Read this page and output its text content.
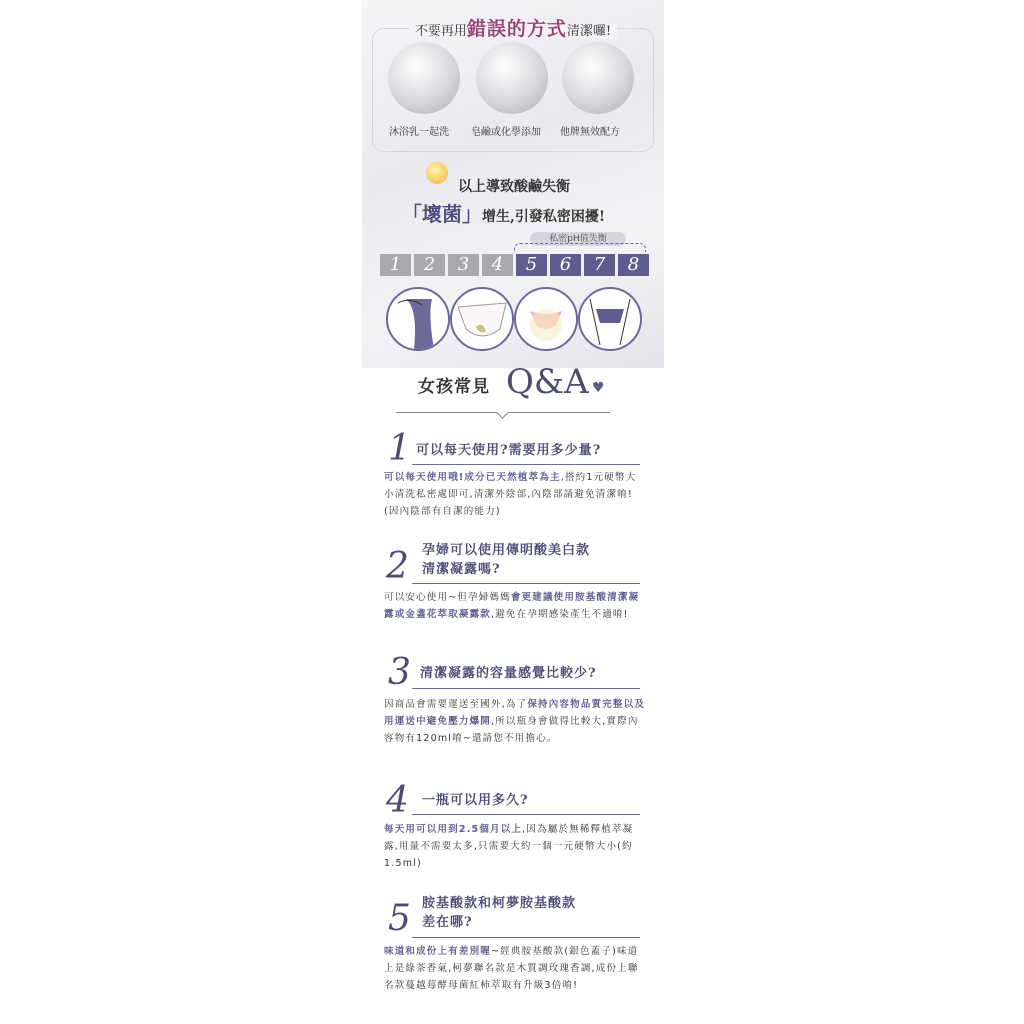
不要再用錯誤的方式清潔囉!
沐浴乳一起洗 皂鹼或化學添加 他牌無效配方
以上導致酸鹼失衡
「壞菌」增生,引發私密困擾!
私密pH值失衡
1	2	3	4	5	6	7	8
女孩常見 Q&A ♥
1 可以每天使用?需要用多少量?
可以每天使用哦!成分已天然植萃為主,搭約1元硬幣大小清洗私密處即可,清潔外陰部,內陰部請避免清潔唷!(因內陰部有自潔的能力)
2 孕婦可以使用傳明酸美白款
清潔凝露嗎?
可以安心使用~但孕婦媽媽會更建議使用胺基酸清潔凝露或金盞花萃取凝露款,避免在孕期感染產生不適唷!
3 清潔凝露的容量感覺比較少?
因商品會需要運送至國外,為了保持內容物品質完整以及用運送中避免壓力爆開,所以瓶身會做得比較大,實際內容物有120ml唷~還請您不用擔心。
4 一瓶可以用多久?
每天用可以用到2.5個月以上,因為屬於無稀釋植萃凝露,用量不需要太多,只需要大約一個一元硬幣大小(約1.5ml)
5 胺基酸款和柯夢胺基酸款
差在哪?
味道和成份上有差別喔~經典胺基酸款(銀色蓋子)味道上是綠茶香氣,柯夢聯名款是木質調玫瑰香調,成份上聯名款蔓越莓酵母菌紅柿萃取有升級3倍唷!
